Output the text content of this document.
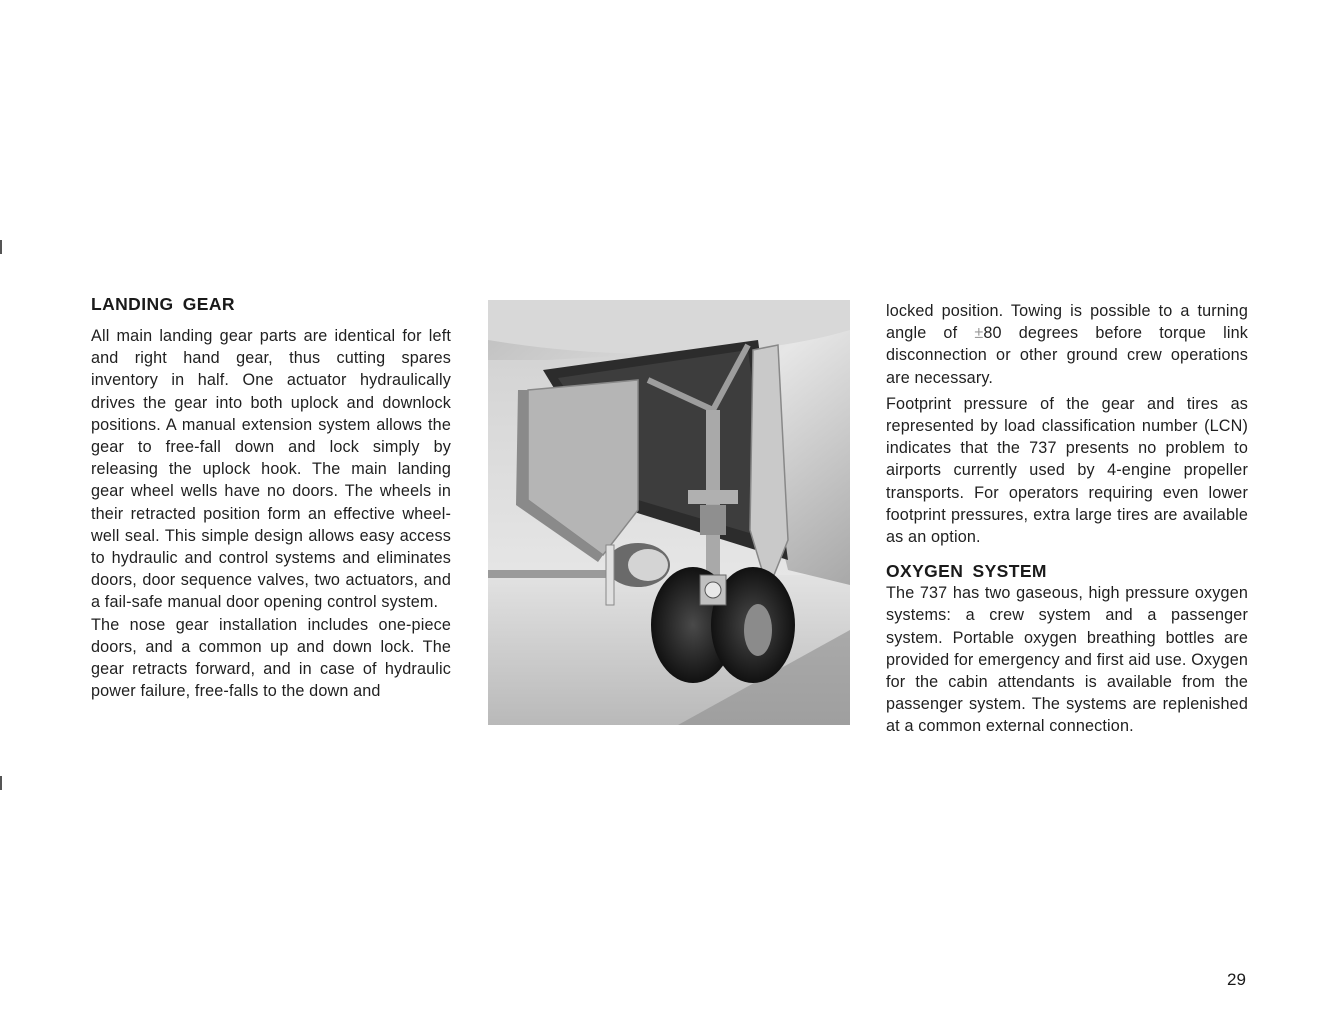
LANDING GEAR

All main landing gear parts are identical for left and right hand gear, thus cutting spares inventory in half. One actuator hydraulically drives the gear into both uplock and downlock positions. A manual extension system allows the gear to free-fall down and lock simply by releasing the uplock hook. The main landing gear wheel wells have no doors. The wheels in their retracted position form an effective wheel-well seal. This simple design allows easy access to hydraulic and control systems and eliminates doors, door sequence valves, two actuators, and a fail-safe manual door opening control system.

The nose gear installation includes one-piece doors, and a common up and down lock. The gear retracts forward, and in case of hydraulic power failure, free-falls to the down and

locked position. Towing is possible to a turning angle of ±80 degrees before torque link disconnection or other ground crew operations are necessary.

Footprint pressure of the gear and tires as represented by load classification number (LCN) indicates that the 737 presents no problem to airports currently used by 4-engine propeller transports. For operators requiring even lower footprint pressures, extra large tires are available as an option.

OXYGEN SYSTEM

The 737 has two gaseous, high pressure oxygen systems: a crew system and a passenger system. Portable oxygen breathing bottles are provided for emergency and first aid use. Oxygen for the cabin attendants is available from the passenger system. The systems are replenished at a common external connection.

29
